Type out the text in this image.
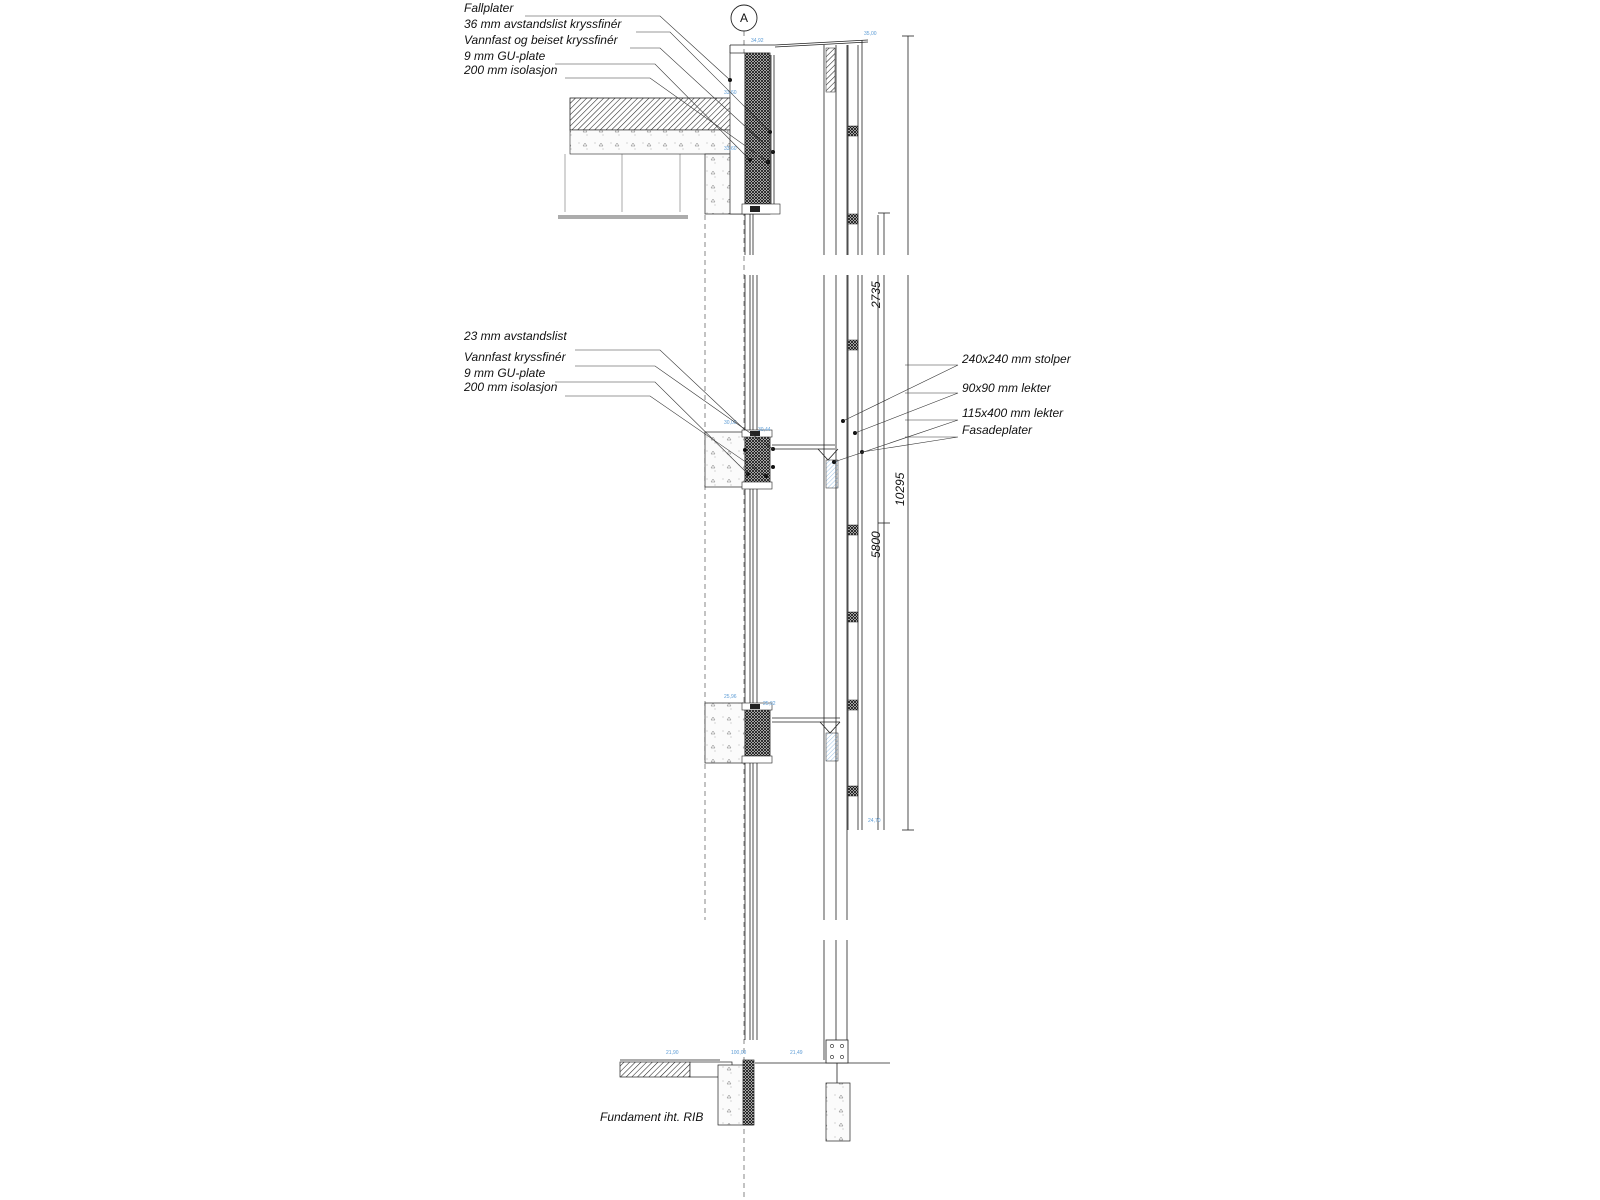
A
2735
10295
5800
34,92
35,00
33,60
33,60
30,00
30,44
25,96
25,92
24,70
21,90	100,00	21,49
Fallplater
36 mm avstandslist kryssfinér
Vannfast og beiset kryssfinér
9 mm GU-plate
200 mm isolasjon
23 mm avstandslist
Vannfast kryssfinér
9 mm GU-plate
200 mm isolasjon
240x240 mm stolper
90x90 mm lekter
115x400 mm lekter
Fasadeplater
Fundament iht. RIB
